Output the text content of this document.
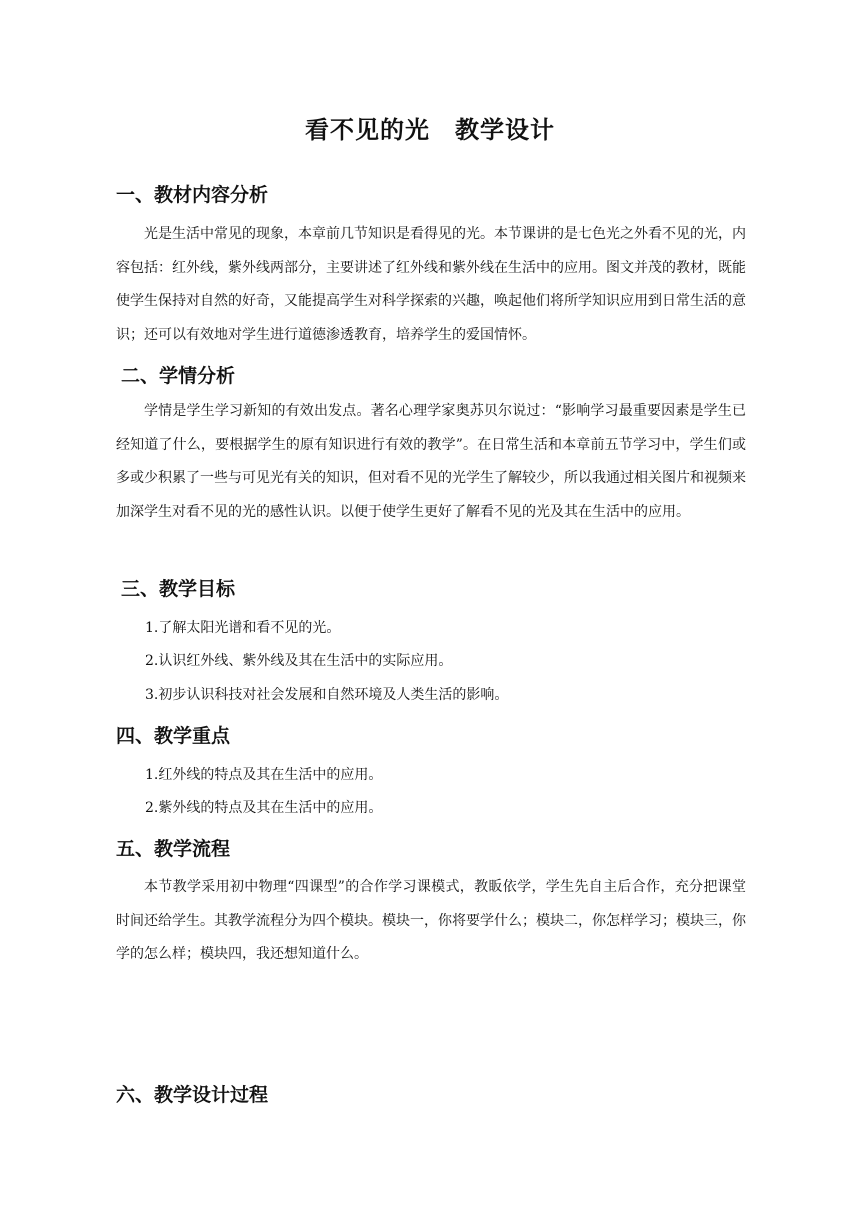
看不见的光　教学设计
一、教材内容分析

光是生活中常见的现象，本章前几节知识是看得见的光。本节课讲的是七色光之外看不见的光，内容包括：红外线，紫外线两部分，主要讲述了红外线和紫外线在生活中的应用。图文并茂的教材，既能使学生保持对自然的好奇，又能提高学生对科学探索的兴趣，唤起他们将所学知识应用到日常生活的意识；还可以有效地对学生进行道德渗透教育，培养学生的爱国情怀。

二、学情分析

学情是学生学习新知的有效出发点。著名心理学家奥苏贝尔说过：“影响学习最重要因素是学生已经知道了什么，要根据学生的原有知识进行有效的教学”。在日常生活和本章前五节学习中，学生们或多或少积累了一些与可见光有关的知识，但对看不见的光学生了解较少，所以我通过相关图片和视频来加深学生对看不见的光的感性认识。以便于使学生更好了解看不见的光及其在生活中的应用。

三、教学目标
1.了解太阳光谱和看不见的光。
2.认识红外线、紫外线及其在生活中的实际应用。
3.初步认识科技对社会发展和自然环境及人类生活的影响。
四、教学重点
1.红外线的特点及其在生活中的应用。
2.紫外线的特点及其在生活中的应用。
五、教学流程

本节教学采用初中物理“四课型”的合作学习课模式，教眅依学，学生先自主后合作，充分把课堂时间还给学生。其教学流程分为四个模块。模块一，你将要学什么；模块二，你怎样学习；模块三，你学的怎么样；模块四，我还想知道什么。

六、教学设计过程
